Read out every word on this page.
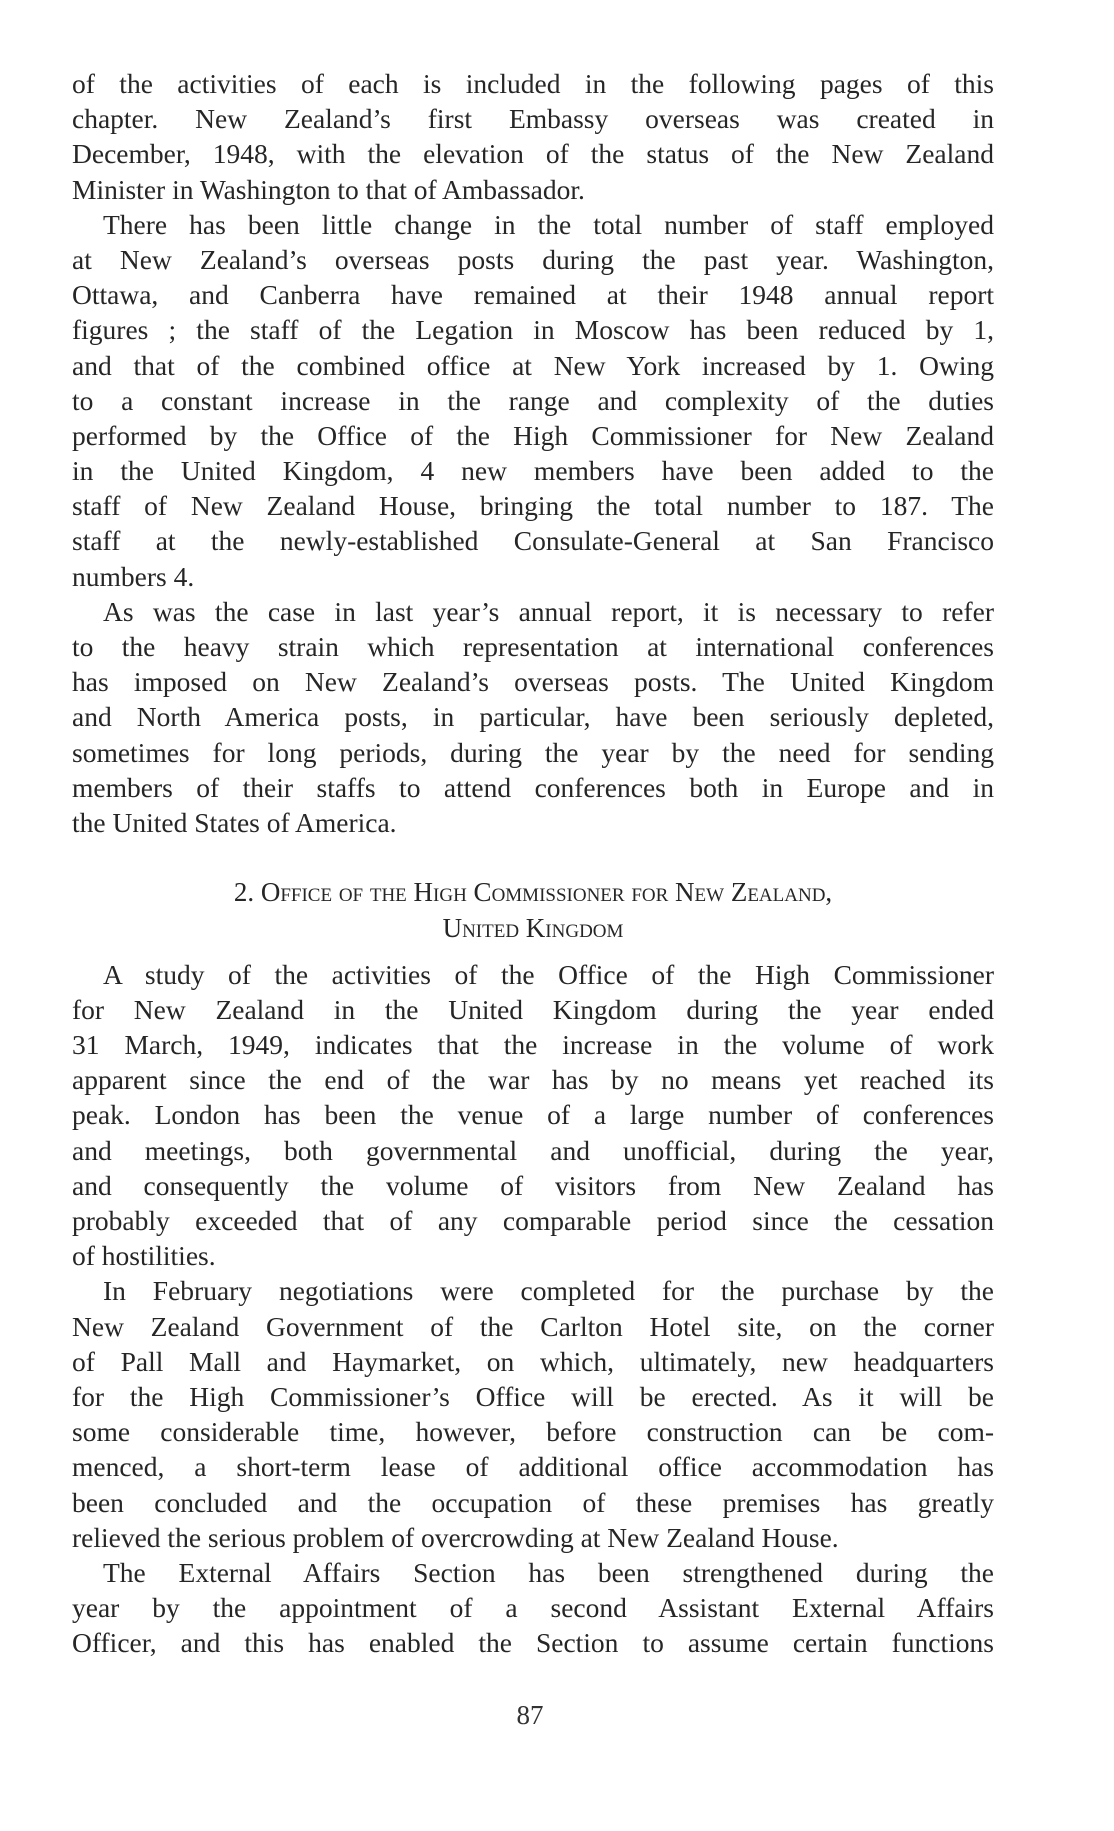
of the activities of each is included in the following pages of this
chapter. New Zealand’s first Embassy overseas was created in
December, 1948, with the elevation of the status of the New Zealand
Minister in Washington to that of Ambassador.
There has been little change in the total number of staff employed
at New Zealand’s overseas posts during the past year. Washington,
Ottawa, and Canberra have remained at their 1948 annual report
figures ; the staff of the Legation in Moscow has been reduced by 1,
and that of the combined office at New York increased by 1. Owing
to a constant increase in the range and complexity of the duties
performed by the Office of the High Commissioner for New Zealand
in the United Kingdom, 4 new members have been added to the
staff of New Zealand House, bringing the total number to 187. The
staff at the newly-established Consulate-General at San Francisco
numbers 4.
As was the case in last year’s annual report, it is necessary to refer
to the heavy strain which representation at international conferences
has imposed on New Zealand’s overseas posts. The United Kingdom
and North America posts, in particular, have been seriously depleted,
sometimes for long periods, during the year by the need for sending
members of their staffs to attend conferences both in Europe and in
the United States of America.
2. Office of the High Commissioner for New Zealand,
United Kingdom
A study of the activities of the Office of the High Commissioner
for New Zealand in the United Kingdom during the year ended
31 March, 1949, indicates that the increase in the volume of work
apparent since the end of the war has by no means yet reached its
peak. London has been the venue of a large number of conferences
and meetings, both governmental and unofficial, during the year,
and consequently the volume of visitors from New Zealand has
probably exceeded that of any comparable period since the cessation
of hostilities.
In February negotiations were completed for the purchase by the
New Zealand Government of the Carlton Hotel site, on the corner
of Pall Mall and Haymarket, on which, ultimately, new headquarters
for the High Commissioner’s Office will be erected. As it will be
some considerable time, however, before construction can be com-
menced, a short-term lease of additional office accommodation has
been concluded and the occupation of these premises has greatly
relieved the serious problem of overcrowding at New Zealand House.
The External Affairs Section has been strengthened during the
year by the appointment of a second Assistant External Affairs
Officer, and this has enabled the Section to assume certain functions
87
